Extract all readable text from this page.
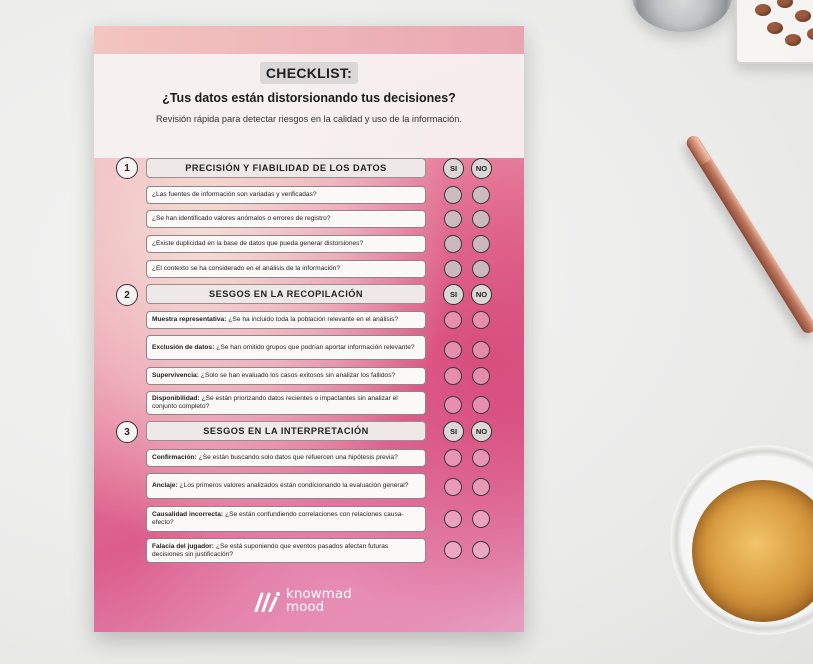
CHECKLIST:
¿Tus datos están distorsionando tus decisiones?
Revisión rápida para detectar riesgos en la calidad y uso de la información.
1	PRECISIÓN Y FIABILIDAD DE LOS DATOS	SI	NO
¿Las fuentes de información son variadas y verificadas?
¿Se han identificado valores anómalos o errores de registro?
¿Existe duplicidad en la base de datos que pueda generar distorsiones?
¿El contexto se ha considerado en el análisis de la información?
2	SESGOS EN LA RECOPILACIÓN	SI	NO
Muestra representativa: ¿Se ha incluido toda la población relevante en el análisis?
Exclusión de datos: ¿Se han omitido grupos que podrían aportar información relevante?
Supervivencia: ¿Solo se han evaluado los casos exitosos sin analizar los fallidos?
Disponibilidad: ¿Se están priorizando datos recientes o impactantes sin analizar el conjunto completo?
3	SESGOS EN LA INTERPRETACIÓN	SI	NO
Confirmación: ¿Se están buscando solo datos que refuercen una hipótesis previa?
Anclaje: ¿Los primeros valores analizados están condicionando la evaluación general?
Causalidad incorrecta: ¿Se están confundiendo correlaciones con relaciones causa-efecto?
Falacia del jugador: ¿Se está suponiendo que eventos pasados afectan futuras decisiones sin justificación?
knowmad
mood
